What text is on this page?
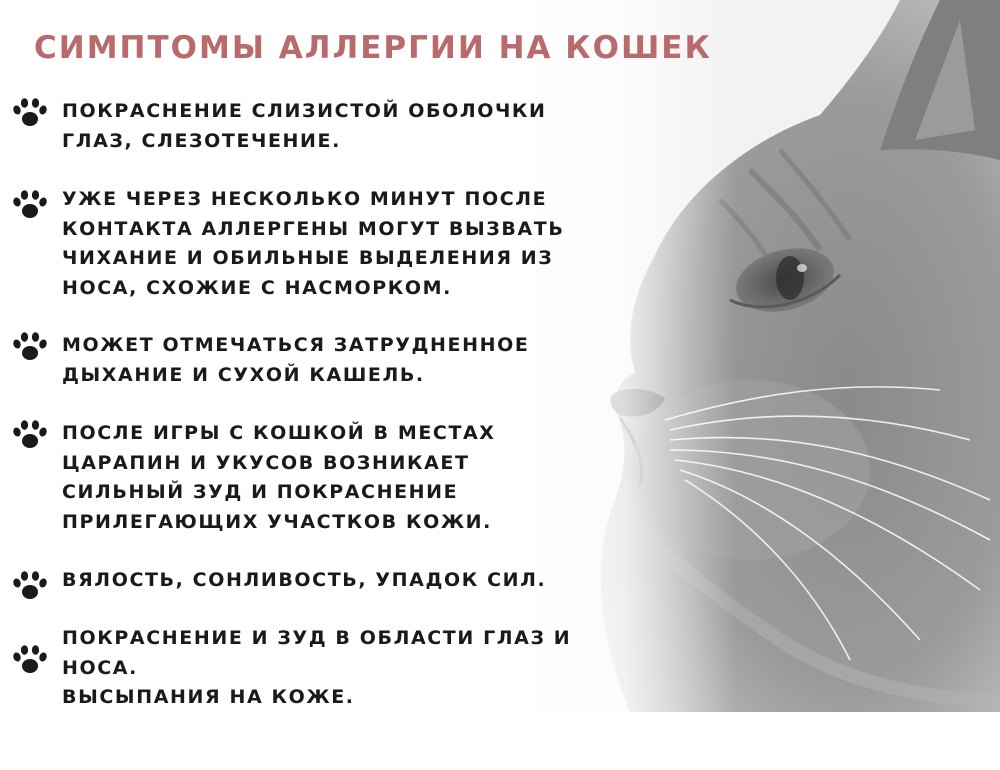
СИМПТОМЫ АЛЛЕРГИИ НА КОШЕК
ПОКРАСНЕНИЕ СЛИЗИСТОЙ ОБОЛОЧКИ
ГЛАЗ, СЛЕЗОТЕЧЕНИЕ.
УЖЕ ЧЕРЕЗ НЕСКОЛЬКО МИНУТ ПОСЛЕ
КОНТАКТА АЛЛЕРГЕНЫ МОГУТ ВЫЗВАТЬ
ЧИХАНИЕ И ОБИЛЬНЫЕ ВЫДЕЛЕНИЯ ИЗ
НОСА, СХОЖИЕ С НАСМОРКОМ.
МОЖЕТ ОТМЕЧАТЬСЯ ЗАТРУДНЕННОЕ
ДЫХАНИЕ И СУХОЙ КАШЕЛЬ.
ПОСЛЕ ИГРЫ С КОШКОЙ В МЕСТАХ
ЦАРАПИН И УКУСОВ ВОЗНИКАЕТ
СИЛЬНЫЙ ЗУД И ПОКРАСНЕНИЕ
ПРИЛЕГАЮЩИХ УЧАСТКОВ КОЖИ.
ВЯЛОСТЬ, СОНЛИВОСТЬ, УПАДОК СИЛ.
ПОКРАСНЕНИЕ И ЗУД В ОБЛАСТИ ГЛАЗ И
НОСА.
ВЫСЫПАНИЯ НА КОЖЕ.
